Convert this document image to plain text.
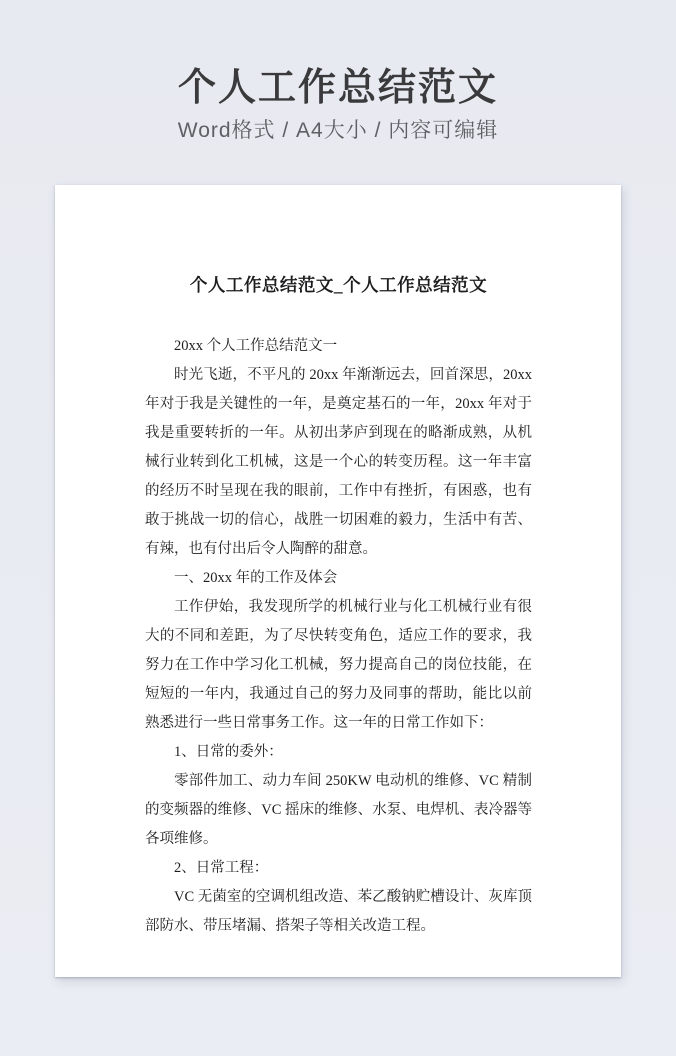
个人工作总结范文
Word格式 / A4大小 / 内容可编辑
个人工作总结范文_个人工作总结范文

20xx 个人工作总结范文一

时光飞逝，不平凡的 20xx 年渐渐远去，回首深思，20xx 年对于我是关键性的一年，是奠定基石的一年，20xx 年对于我是重要转折的一年。从初出茅庐到现在的略渐成熟，从机械行业转到化工机械，这是一个心的转变历程。这一年丰富的经历不时呈现在我的眼前，工作中有挫折，有困惑，也有敢于挑战一切的信心，战胜一切困难的毅力，生活中有苦、有辣，也有付出后令人陶醉的甜意。

一、20xx 年的工作及体会

工作伊始，我发现所学的机械行业与化工机械行业有很大的不同和差距，为了尽快转变角色，适应工作的要求，我努力在工作中学习化工机械，努力提高自己的岗位技能，在短短的一年内，我通过自己的努力及同事的帮助，能比以前熟悉进行一些日常事务工作。这一年的日常工作如下：

1、日常的委外：

零部件加工、动力车间 250KW 电动机的维修、VC 精制的变频器的维修、VC 摇床的维修、水泵、电焊机、表冷器等各项维修。

2、日常工程：

VC 无菌室的空调机组改造、苯乙酸钠贮槽设计、灰库顶部防水、带压堵漏、搭架子等相关改造工程。
